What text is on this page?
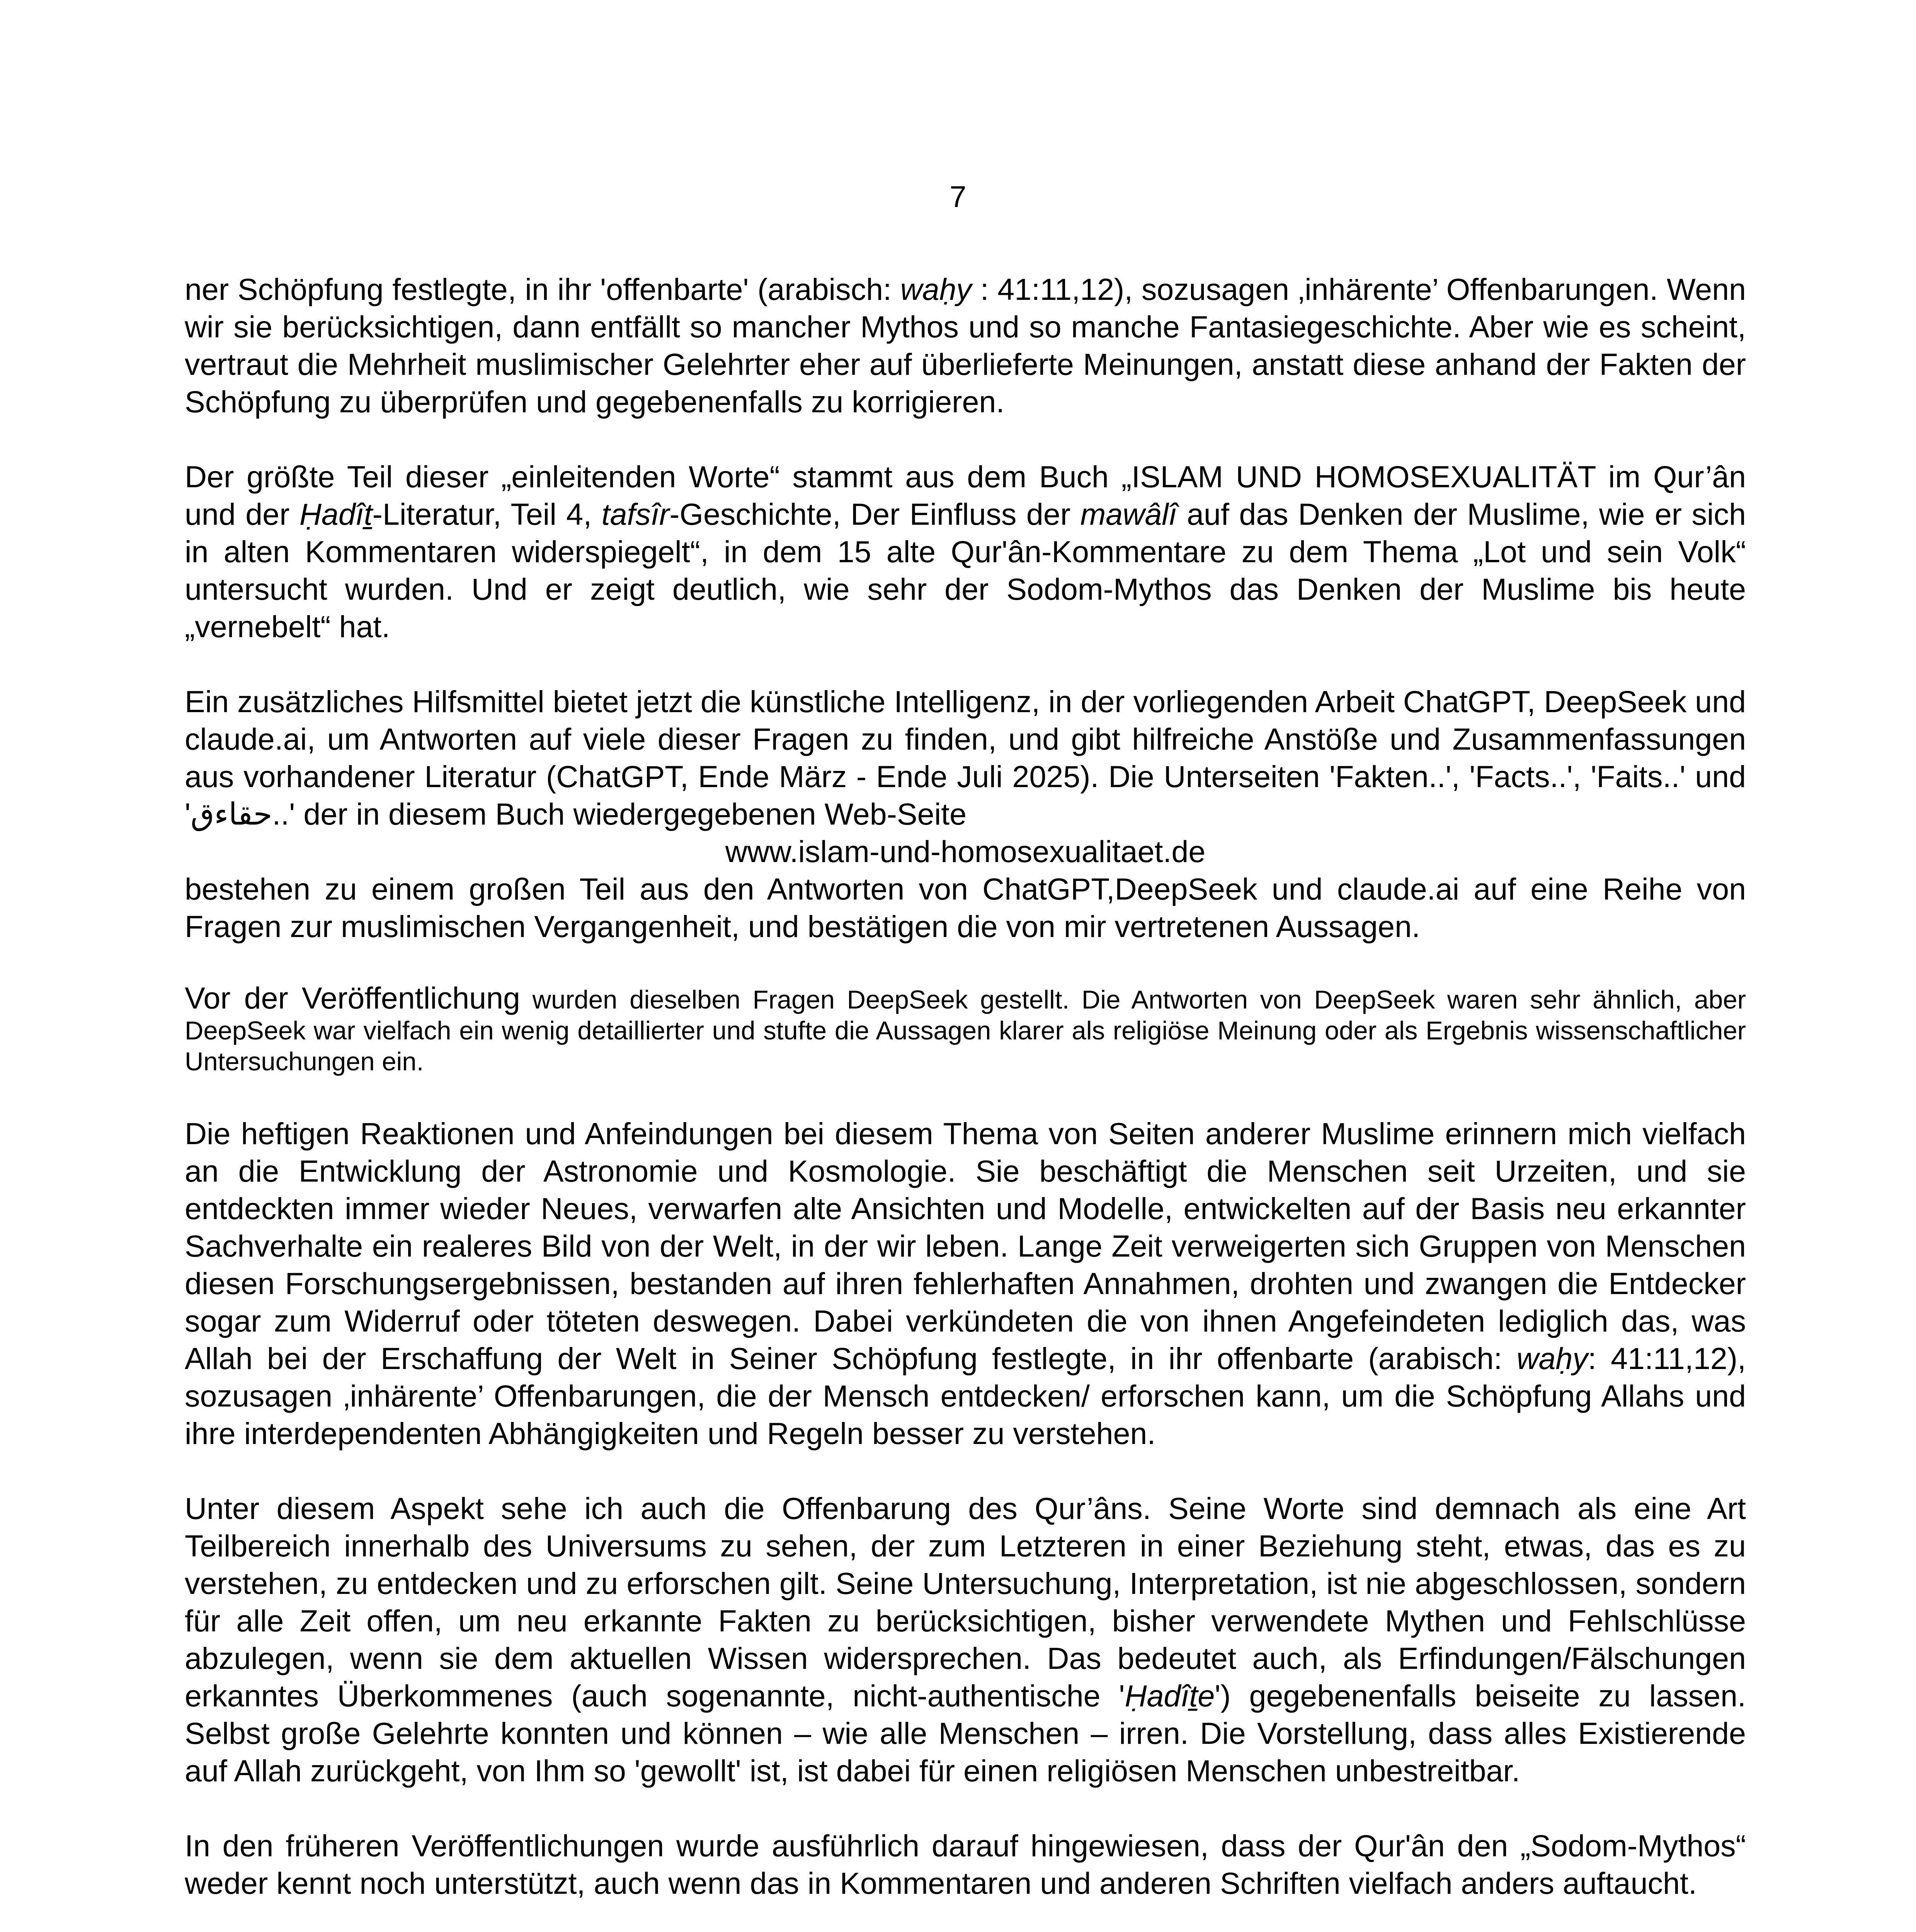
7

ner Schöpfung festlegte, in ihr 'offenbarte' (arabisch: waḥy : 41:11,12), sozusagen ‚inhärente’ Offenbarungen. Wenn wir sie berücksichtigen, dann entfällt so mancher Mythos und so manche Fantasiegeschichte. Aber wie es scheint, vertraut die Mehrheit muslimischer Gelehrter eher auf überlieferte Meinungen, anstatt diese anhand der Fakten der Schöpfung zu überprüfen und gegebenenfalls zu korrigieren.

Der größte Teil dieser „einleitenden Worte“ stammt aus dem Buch „ISLAM UND HOMOSEXUALITÄT im Qur’ân und der Ḥadîṯ-Literatur, Teil 4, tafsîr-Geschichte, Der Einfluss der mawâlî auf das Denken der Muslime, wie er sich in alten Kommentaren widerspiegelt“, in dem 15 alte Qur'ân-Kommentare zu dem Thema „Lot und sein Volk“ untersucht wurden. Und er zeigt deutlich, wie sehr der Sodom-Mythos das Denken der Muslime bis heute „vernebelt“ hat.

Ein zusätzliches Hilfsmittel bietet jetzt die künstliche Intelligenz, in der vorliegenden Arbeit ChatGPT, DeepSeek und claude.ai, um Antworten auf viele dieser Fragen zu finden, und gibt hilfreiche Anstöße und Zusammenfassungen aus vorhandener Literatur (ChatGPT, Ende März - Ende Juli 2025). Die Unterseiten 'Fakten..', 'Facts..', 'Faits..' und 'حقاءق..' der in diesem Buch wiedergegebenen Web-Seite
www.islam-und-homosexualitaet.de
bestehen zu einem großen Teil aus den Antworten von ChatGPT,DeepSeek und claude.ai auf eine Reihe von Fragen zur muslimischen Vergangenheit, und bestätigen die von mir vertretenen Aussagen.

Vor der Veröffentlichung wurden dieselben Fragen DeepSeek gestellt. Die Antworten von DeepSeek waren sehr ähnlich, aber DeepSeek war vielfach ein wenig detaillierter und stufte die Aussagen klarer als religiöse Meinung oder als Ergebnis wissenschaftlicher Untersuchungen ein.

Die heftigen Reaktionen und Anfeindungen bei diesem Thema von Seiten anderer Muslime erinnern mich vielfach an die Entwicklung der Astronomie und Kosmologie. Sie beschäftigt die Menschen seit Urzeiten, und sie entdeckten immer wieder Neues, verwarfen alte Ansichten und Modelle, entwickelten auf der Basis neu erkannter Sachverhalte ein realeres Bild von der Welt, in der wir leben. Lange Zeit verweigerten sich Gruppen von Menschen diesen Forschungsergebnissen, bestanden auf ihren fehlerhaften Annahmen, drohten und zwangen die Entdecker sogar zum Widerruf oder töteten deswegen. Dabei verkündeten die von ihnen Angefeindeten lediglich das, was Allah bei der Erschaffung der Welt in Seiner Schöpfung festlegte, in ihr offenbarte (arabisch: waḥy: 41:11,12), sozusagen ‚inhärente’ Offenbarungen, die der Mensch entdecken/ erforschen kann, um die Schöpfung Allahs und ihre interdependenten Abhängigkeiten und Regeln besser zu verstehen.

Unter diesem Aspekt sehe ich auch die Offenbarung des Qur’âns. Seine Worte sind demnach als eine Art Teilbereich innerhalb des Universums zu sehen, der zum Letzteren in einer Beziehung steht, etwas, das es zu verstehen, zu entdecken und zu erforschen gilt. Seine Untersuchung, Interpretation, ist nie abgeschlossen, sondern für alle Zeit offen, um neu erkannte Fakten zu berücksichtigen, bisher verwendete Mythen und Fehlschlüsse abzulegen, wenn sie dem aktuellen Wissen widersprechen. Das bedeutet auch, als Erfindungen/Fälschungen erkanntes Überkommenes (auch sogenannte, nicht-authentische 'Ḥadîṯe') gegebenenfalls beiseite zu lassen. Selbst große Gelehrte konnten und können – wie alle Menschen – irren. Die Vorstellung, dass alles Existierende auf Allah zurückgeht, von Ihm so 'gewollt' ist, ist dabei für einen religiösen Menschen unbestreitbar.

In den früheren Veröffentlichungen wurde ausführlich darauf hingewiesen, dass der Qur'ân den „Sodom-Mythos“ weder kennt noch unterstützt, auch wenn das in Kommentaren und anderen Schriften vielfach anders auftaucht.
